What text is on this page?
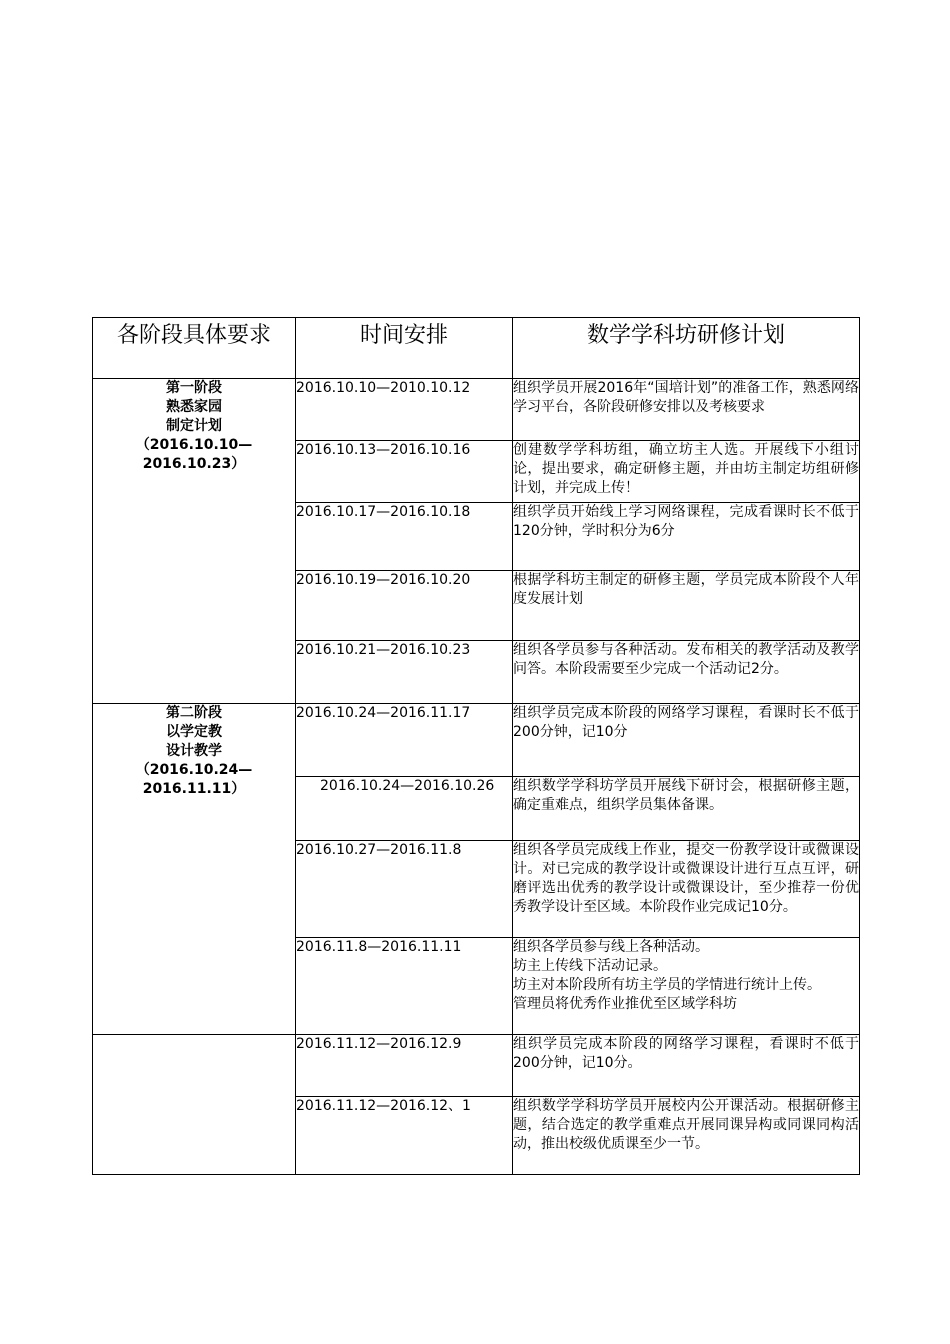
各阶段具体要求	时间安排	数学学科坊研修计划

第一阶段
熟悉家园
制定计划
（2016.10.10—
2016.10.23）	2016.10.10—2010.10.12	组织学员开展2016年“国培计划”的准备工作，熟悉网络学习平台，各阶段研修安排以及考核要求

	2016.10.13—2016.10.16	创建数学学科坊组，确立坊主人选。开展线下小组讨论，提出要求，确定研修主题，并由坊主制定坊组研修计划，并完成上传！

	2016.10.17—2016.10.18	组织学员开始线上学习网络课程，完成看课时长不低于120分钟，学时积分为6分

	2016.10.19—2016.10.20	根据学科坊主制定的研修主题，学员完成本阶段个人年度发展计划

	2016.10.21—2016.10.23	组织各学员参与各种活动。发布相关的教学活动及教学问答。本阶段需要至少完成一个活动记2分。

第二阶段
以学定教
设计教学
（2016.10.24—
2016.11.11）	2016.10.24—2016.11.17	组织学员完成本阶段的网络学习课程，看课时长不低于200分钟，记10分

	2016.10.24—2016.10.26	组织数学学科坊学员开展线下研讨会，根据研修主题，确定重难点，组织学员集体备课。

	2016.10.27—2016.11.8	组织各学员完成线上作业，提交一份教学设计或微课设计。对已完成的教学设计或微课设计进行互点互评，研磨评选出优秀的教学设计或微课设计，至少推荐一份优秀教学设计至区域。本阶段作业完成记10分。

	2016.11.8—2016.11.11	组织各学员参与线上各种活动。
坊主上传线下活动记录。
坊主对本阶段所有坊主学员的学情进行统计上传。
管理员将优秀作业推优至区域学科坊

	2016.11.12—2016.12.9	组织学员完成本阶段的网络学习课程，看课时不低于200分钟，记10分。

	2016.11.12—2016.12、1	组织数学学科坊学员开展校内公开课活动。根据研修主题，结合选定的教学重难点开展同课异构或同课同构活动，推出校级优质课至少一节。
